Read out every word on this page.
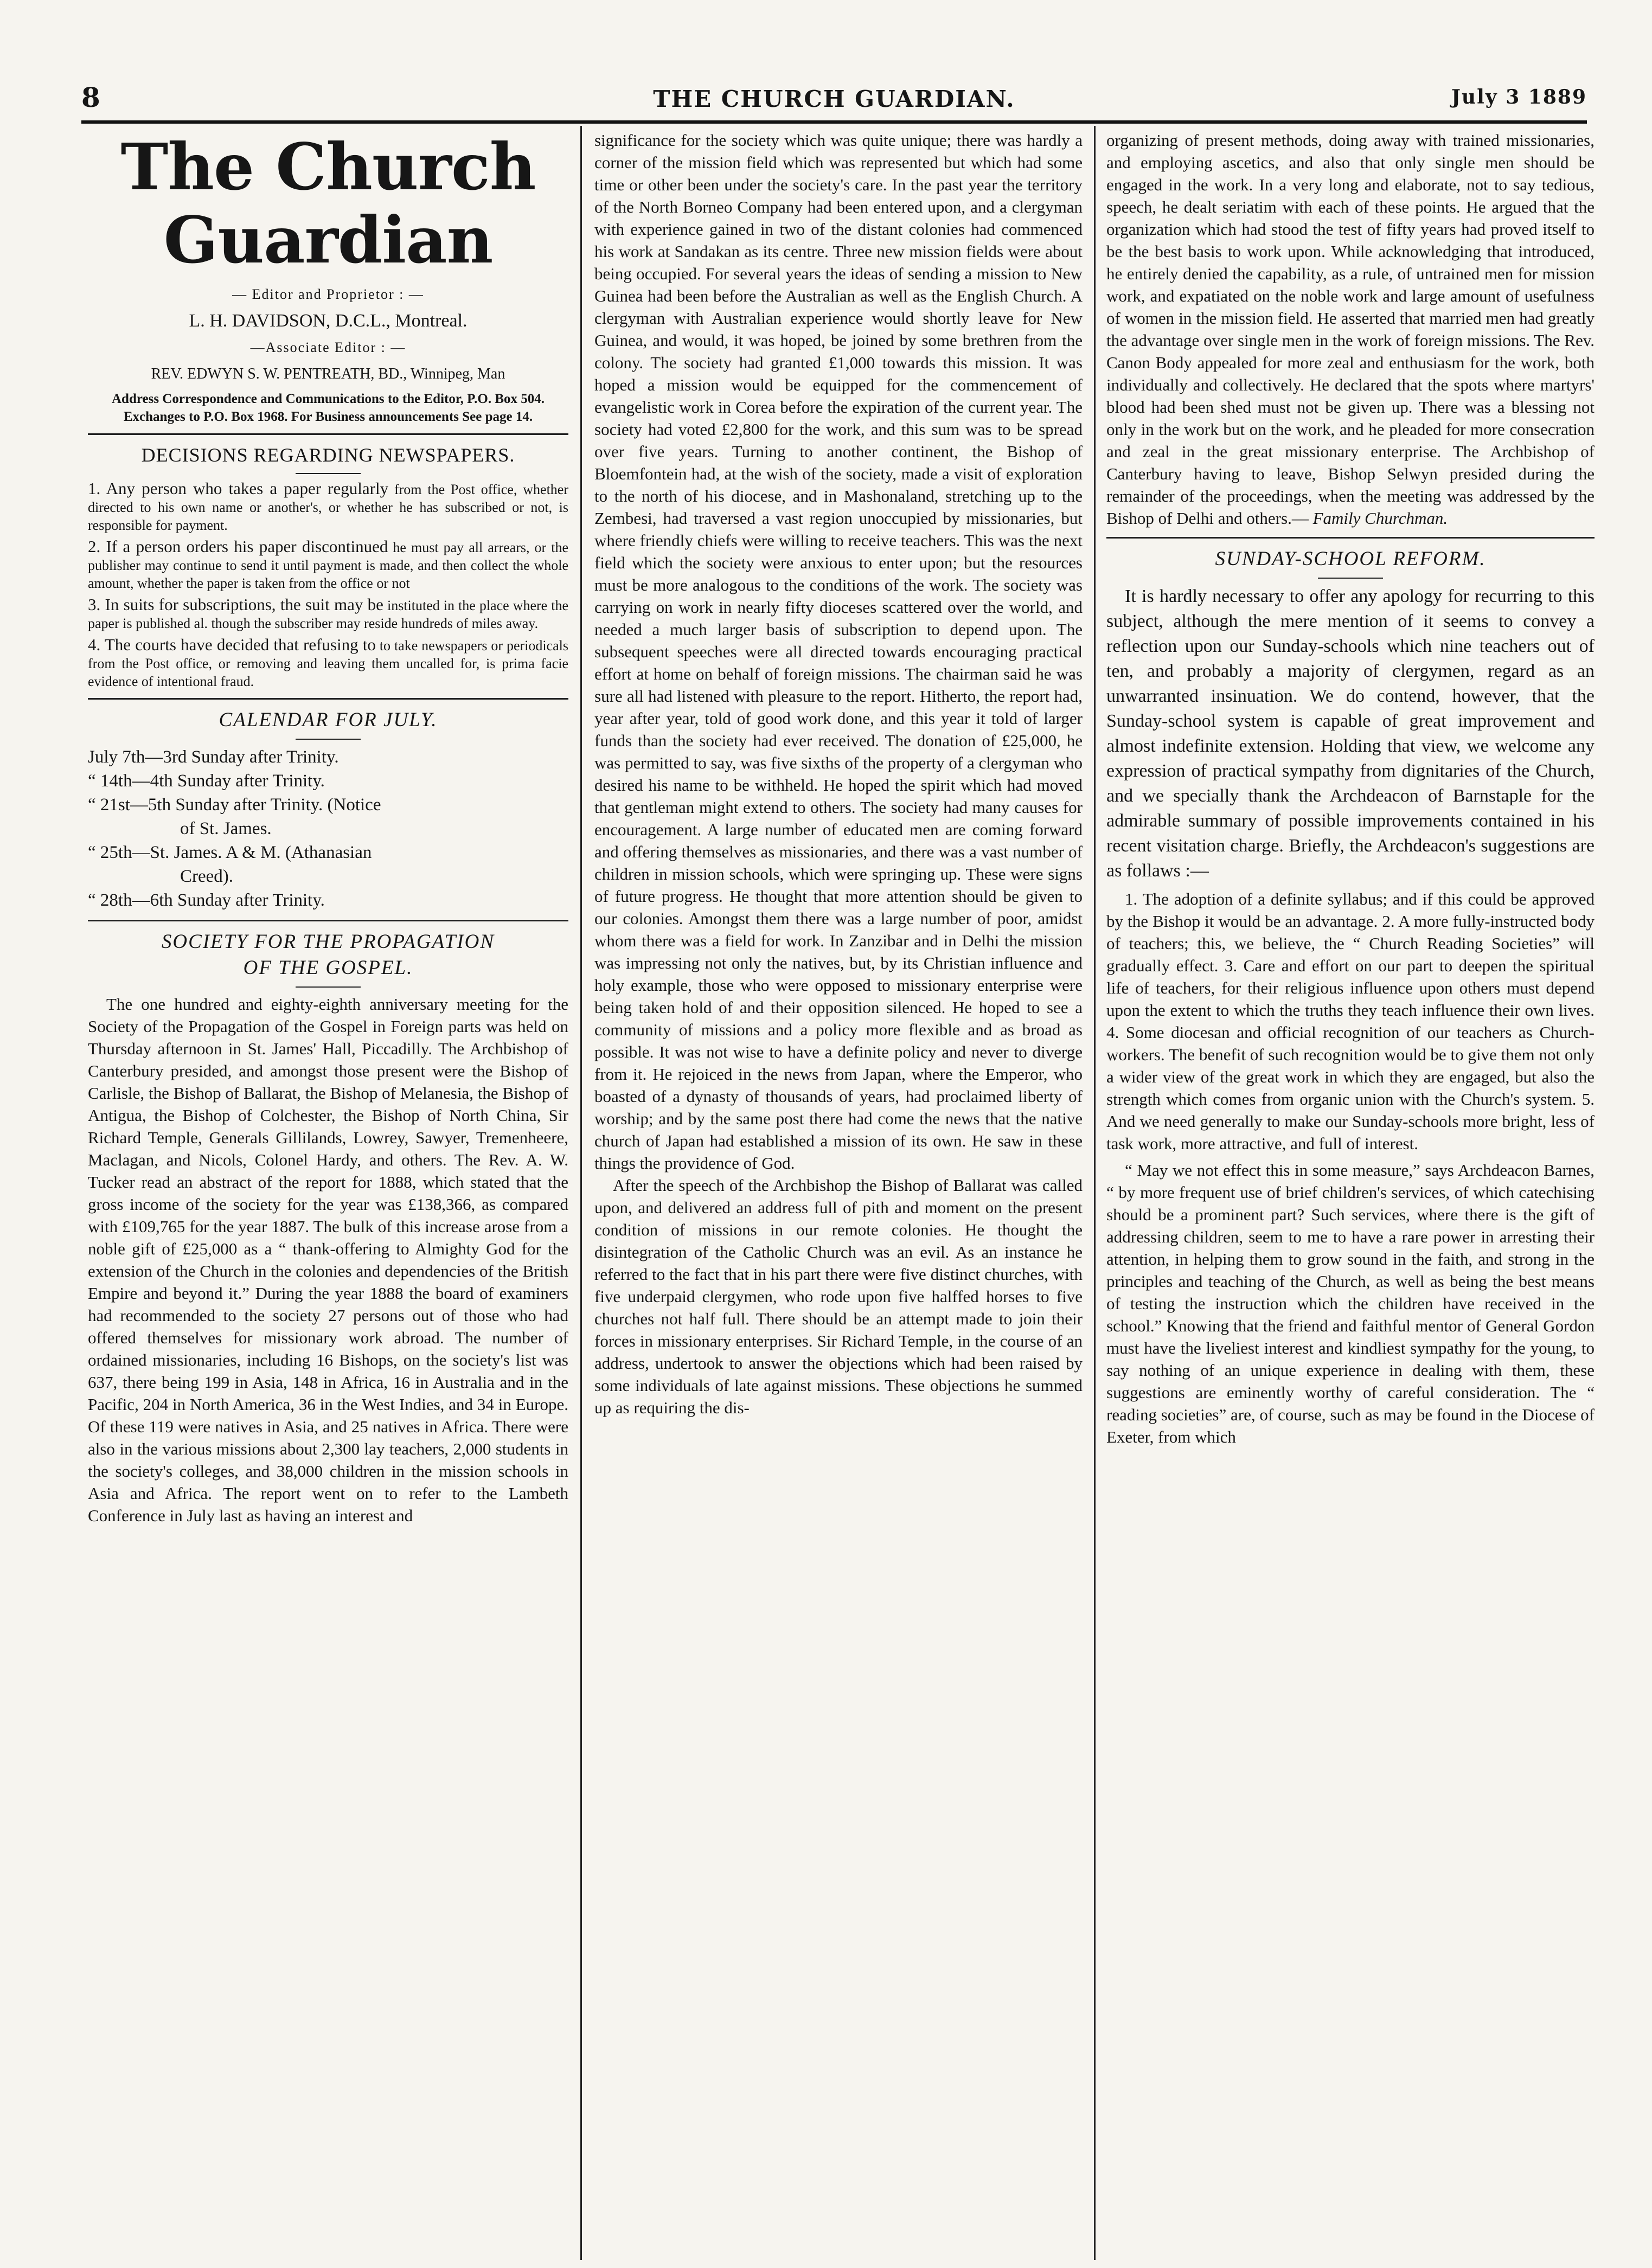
8	THE CHURCH GUARDIAN.	July 3 1889
The Church Guardian
— Editor and Proprietor : —
L. H. DAVIDSON, D.C.L., Montreal.
—Associate Editor : —
REV. EDWYN S. W. PENTREATH, BD., Winnipeg, Man
Address Correspondence and Communications to the Editor, P.O. Box 504. Exchanges to P.O. Box 1968. For Business announcements See page 14.
DECISIONS REGARDING NEWSPAPERS.

1. Any person who takes a paper regularly from the Post office, whether directed to his own name or another's, or whether he has subscribed or not, is responsible for payment.

2. If a person orders his paper discontinued he must pay all arrears, or the publisher may continue to send it until payment is made, and then collect the whole amount, whether the paper is taken from the office or not

3. In suits for subscriptions, the suit may be instituted in the place where the paper is published al. though the subscriber may reside hundreds of miles away.

4. The courts have decided that refusing to to take newspapers or periodicals from the Post office, or removing and leaving them uncalled for, is prima facie evidence of intentional fraud.

CALENDAR FOR JULY.

July 7th—3rd Sunday after Trinity.

“ 14th—4th Sunday after Trinity.

“ 21st—5th Sunday after Trinity. (Notice

of St. James.

“ 25th—St. James. A & M. (Athanasian

Creed).

“ 28th—6th Sunday after Trinity.

SOCIETY FOR THE PROPAGATION
OF THE GOSPEL.

The one hundred and eighty-eighth anniversary meeting for the Society of the Propagation of the Gospel in Foreign parts was held on Thursday afternoon in St. James' Hall, Piccadilly. The Archbishop of Canterbury presided, and amongst those present were the Bishop of Carlisle, the Bishop of Ballarat, the Bishop of Melanesia, the Bishop of Antigua, the Bishop of Colchester, the Bishop of North China, Sir Richard Temple, Generals Gillilands, Lowrey, Sawyer, Tremenheere, Maclagan, and Nicols, Colonel Hardy, and others. The Rev. A. W. Tucker read an abstract of the report for 1888, which stated that the gross income of the society for the year was £138,366, as compared with £109,765 for the year 1887. The bulk of this increase arose from a noble gift of £25,000 as a “ thank-offering to Almighty God for the extension of the Church in the colonies and dependencies of the British Empire and beyond it.” During the year 1888 the board of examiners had recommended to the society 27 persons out of those who had offered themselves for missionary work abroad. The number of ordained missionaries, including 16 Bishops, on the society's list was 637, there being 199 in Asia, 148 in Africa, 16 in Australia and in the Pacific, 204 in North America, 36 in the West Indies, and 34 in Europe. Of these 119 were natives in Asia, and 25 natives in Africa. There were also in the various missions about 2,300 lay teachers, 2,000 students in the society's colleges, and 38,000 children in the mission schools in Asia and Africa. The report went on to refer to the Lambeth Conference in July last as having an interest and

significance for the society which was quite unique; there was hardly a corner of the mission field which was represented but which had some time or other been under the society's care. In the past year the territory of the North Borneo Company had been entered upon, and a clergyman with experience gained in two of the distant colonies had commenced his work at Sandakan as its centre. Three new mission fields were about being occupied. For several years the ideas of sending a mission to New Guinea had been before the Australian as well as the English Church. A clergyman with Australian experience would shortly leave for New Guinea, and would, it was hoped, be joined by some brethren from the colony. The society had granted £1,000 towards this mission. It was hoped a mission would be equipped for the commencement of evangelistic work in Corea before the expiration of the current year. The society had voted £2,800 for the work, and this sum was to be spread over five years. Turning to another continent, the Bishop of Bloemfontein had, at the wish of the society, made a visit of exploration to the north of his diocese, and in Mashonaland, stretching up to the Zembesi, had traversed a vast region unoccupied by missionaries, but where friendly chiefs were willing to receive teachers. This was the next field which the society were anxious to enter upon; but the resources must be more analogous to the conditions of the work. The society was carrying on work in nearly fifty dioceses scattered over the world, and needed a much larger basis of subscription to depend upon. The subsequent speeches were all directed towards encouraging practical effort at home on behalf of foreign missions. The chairman said he was sure all had listened with pleasure to the report. Hitherto, the report had, year after year, told of good work done, and this year it told of larger funds than the society had ever received. The donation of £25,000, he was permitted to say, was five sixths of the property of a clergyman who desired his name to be withheld. He hoped the spirit which had moved that gentleman might extend to others. The society had many causes for encouragement. A large number of educated men are coming forward and offering themselves as missionaries, and there was a vast number of children in mission schools, which were springing up. These were signs of future progress. He thought that more attention should be given to our colonies. Amongst them there was a large number of poor, amidst whom there was a field for work. In Zanzibar and in Delhi the mission was impressing not only the natives, but, by its Christian influence and holy example, those who were opposed to missionary enterprise were being taken hold of and their opposition silenced. He hoped to see a community of missions and a policy more flexible and as broad as possible. It was not wise to have a definite policy and never to diverge from it. He rejoiced in the news from Japan, where the Emperor, who boasted of a dynasty of thousands of years, had proclaimed liberty of worship; and by the same post there had come the news that the native church of Japan had established a mission of its own. He saw in these things the providence of God.

After the speech of the Archbishop the Bishop of Ballarat was called upon, and delivered an address full of pith and moment on the present condition of missions in our remote colonies. He thought the disintegration of the Catholic Church was an evil. As an instance he referred to the fact that in his part there were five distinct churches, with five underpaid clergymen, who rode upon five halffed horses to five churches not half full. There should be an attempt made to join their forces in missionary enterprises. Sir Richard Temple, in the course of an address, undertook to answer the objections which had been raised by some individuals of late against missions. These objections he summed up as requiring the dis-

organizing of present methods, doing away with trained missionaries, and employing ascetics, and also that only single men should be engaged in the work. In a very long and elaborate, not to say tedious, speech, he dealt seriatim with each of these points. He argued that the organization which had stood the test of fifty years had proved itself to be the best basis to work upon. While acknowledging that introduced, he entirely denied the capability, as a rule, of untrained men for mission work, and expatiated on the noble work and large amount of usefulness of women in the mission field. He asserted that married men had greatly the advantage over single men in the work of foreign missions. The Rev. Canon Body appealed for more zeal and enthusiasm for the work, both individually and collectively. He declared that the spots where martyrs' blood had been shed must not be given up. There was a blessing not only in the work but on the work, and he pleaded for more consecration and zeal in the great missionary enterprise. The Archbishop of Canterbury having to leave, Bishop Selwyn presided during the remainder of the proceedings, when the meeting was addressed by the Bishop of Delhi and others.— Family Churchman.

SUNDAY-SCHOOL REFORM.

It is hardly necessary to offer any apology for recurring to this subject, although the mere mention of it seems to convey a reflection upon our Sunday-schools which nine teachers out of ten, and probably a majority of clergymen, regard as an unwarranted insinuation. We do contend, however, that the Sunday-school system is capable of great improvement and almost indefinite extension. Holding that view, we welcome any expression of practical sympathy from dignitaries of the Church, and we specially thank the Archdeacon of Barnstaple for the admirable summary of possible improvements contained in his recent visitation charge. Briefly, the Archdeacon's suggestions are as follaws :—

1. The adoption of a definite syllabus; and if this could be approved by the Bishop it would be an advantage. 2. A more fully-instructed body of teachers; this, we believe, the “ Church Reading Societies” will gradually effect. 3. Care and effort on our part to deepen the spiritual life of teachers, for their religious influence upon others must depend upon the extent to which the truths they teach influence their own lives. 4. Some diocesan and official recognition of our teachers as Church-workers. The benefit of such recognition would be to give them not only a wider view of the great work in which they are engaged, but also the strength which comes from organic union with the Church's system. 5. And we need generally to make our Sunday-schools more bright, less of task work, more attractive, and full of interest.

“ May we not effect this in some measure,” says Archdeacon Barnes, “ by more frequent use of brief children's services, of which catechising should be a prominent part? Such services, where there is the gift of addressing children, seem to me to have a rare power in arresting their attention, in helping them to grow sound in the faith, and strong in the principles and teaching of the Church, as well as being the best means of testing the instruction which the children have received in the school.” Knowing that the friend and faithful mentor of General Gordon must have the liveliest interest and kindliest sympathy for the young, to say nothing of an unique experience in dealing with them, these suggestions are eminently worthy of careful consideration. The “ reading societies” are, of course, such as may be found in the Diocese of Exeter, from which
